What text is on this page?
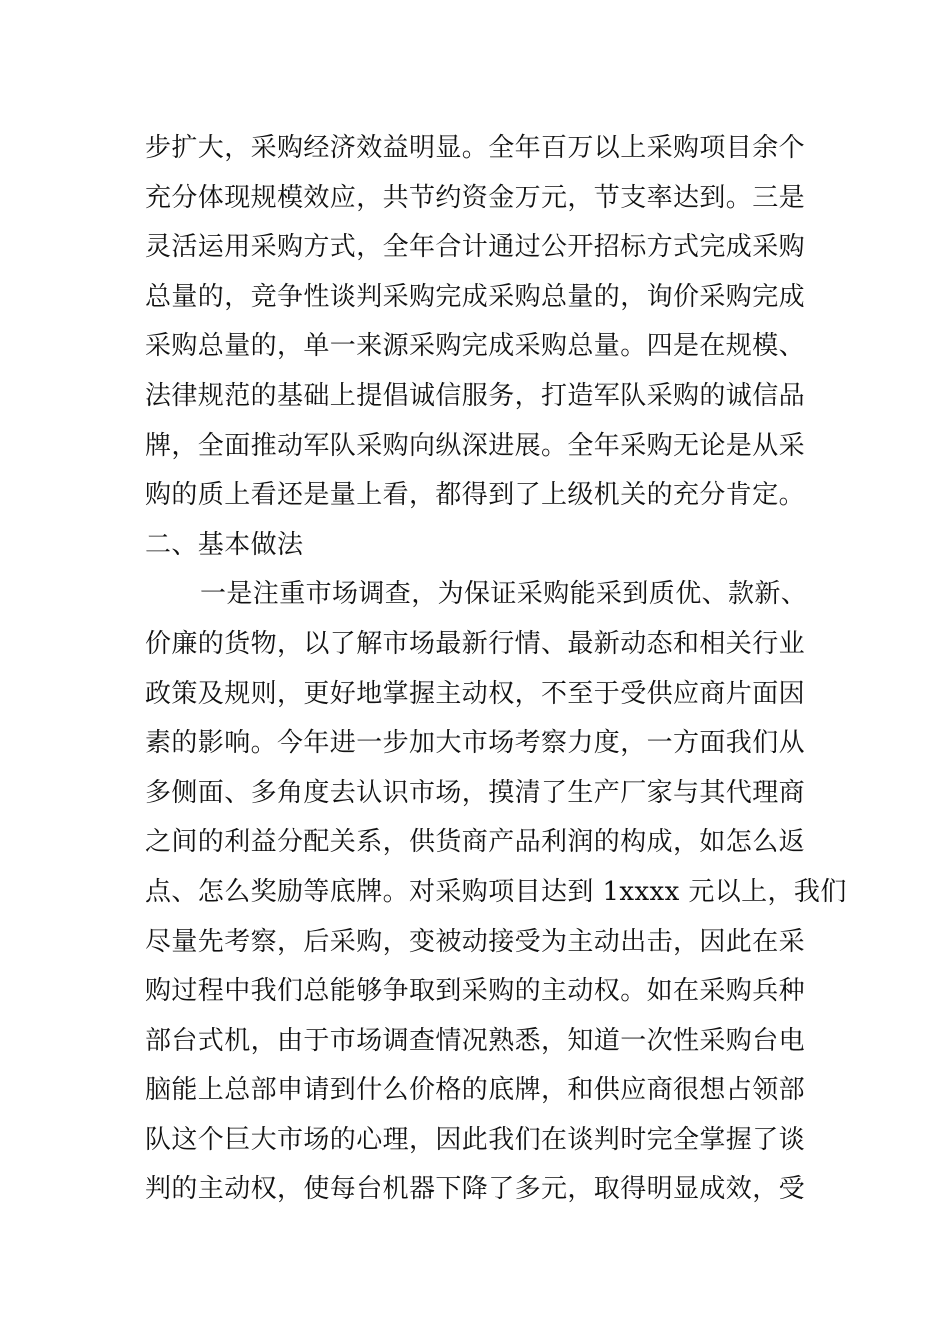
步扩大，采购经济效益明显。全年百万以上采购项目余个
充分体现规模效应，共节约资金万元，节支率达到。三是
灵活运用采购方式，全年合计通过公开招标方式完成采购
总量的，竞争性谈判采购完成采购总量的，询价采购完成
采购总量的，单一来源采购完成采购总量。四是在规模、
法律规范的基础上提倡诚信服务，打造军队采购的诚信品
牌，全面推动军队采购向纵深进展。全年采购无论是从采
购的质上看还是量上看，都得到了上级机关的充分肯定。
二、基本做法
一是注重市场调查，为保证采购能采到质优、款新、
价廉的货物，以了解市场最新行情、最新动态和相关行业
政策及规则，更好地掌握主动权，不至于受供应商片面因
素的影响。今年进一步加大市场考察力度，一方面我们从
多侧面、多角度去认识市场，摸清了生产厂家与其代理商
之间的利益分配关系，供货商产品利润的构成，如怎么返
点、怎么奖励等底牌。对采购项目达到 1xxxx 元以上，我们
尽量先考察，后采购，变被动接受为主动出击，因此在采
购过程中我们总能够争取到采购的主动权。如在采购兵种
部台式机，由于市场调查情况熟悉，知道一次性采购台电
脑能上总部申请到什么价格的底牌，和供应商很想占领部
队这个巨大市场的心理，因此我们在谈判时完全掌握了谈
判的主动权，使每台机器下降了多元，取得明显成效，受
